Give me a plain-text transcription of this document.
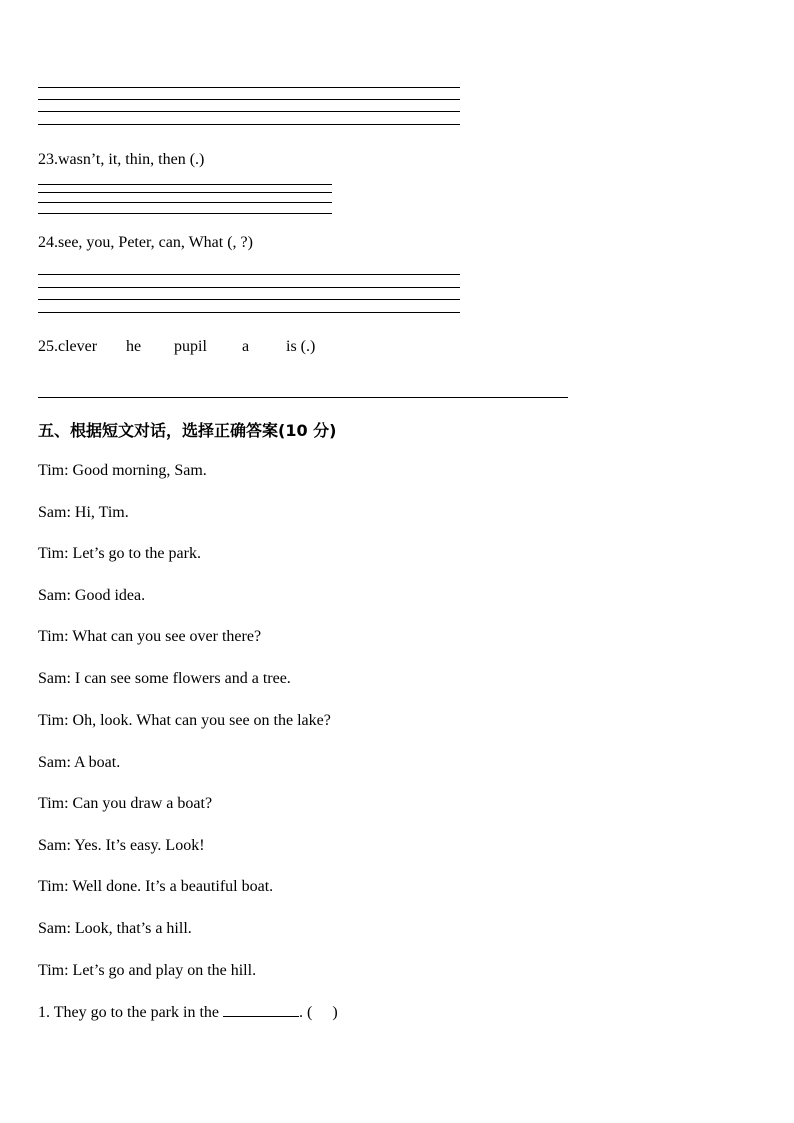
23.wasn’t, it, thin, then (.)
24.see, you, Peter, can, What (, ?)
25.clever he pupil a is (.)
五、根据短文对话，选择正确答案(10 分)
Tim: Good morning, Sam.
Sam: Hi, Tim.
Tim: Let’s go to the park.
Sam: Good idea.
Tim: What can you see over there?
Sam: I can see some flowers and a tree.
Tim: Oh, look. What can you see on the lake?
Sam: A boat.
Tim: Can you draw a boat?
Sam: Yes. It’s easy. Look!
Tim: Well done. It’s a beautiful boat.
Sam: Look, that’s a hill.
Tim: Let’s go and play on the hill.
1. They go to the park in the	. (     )
